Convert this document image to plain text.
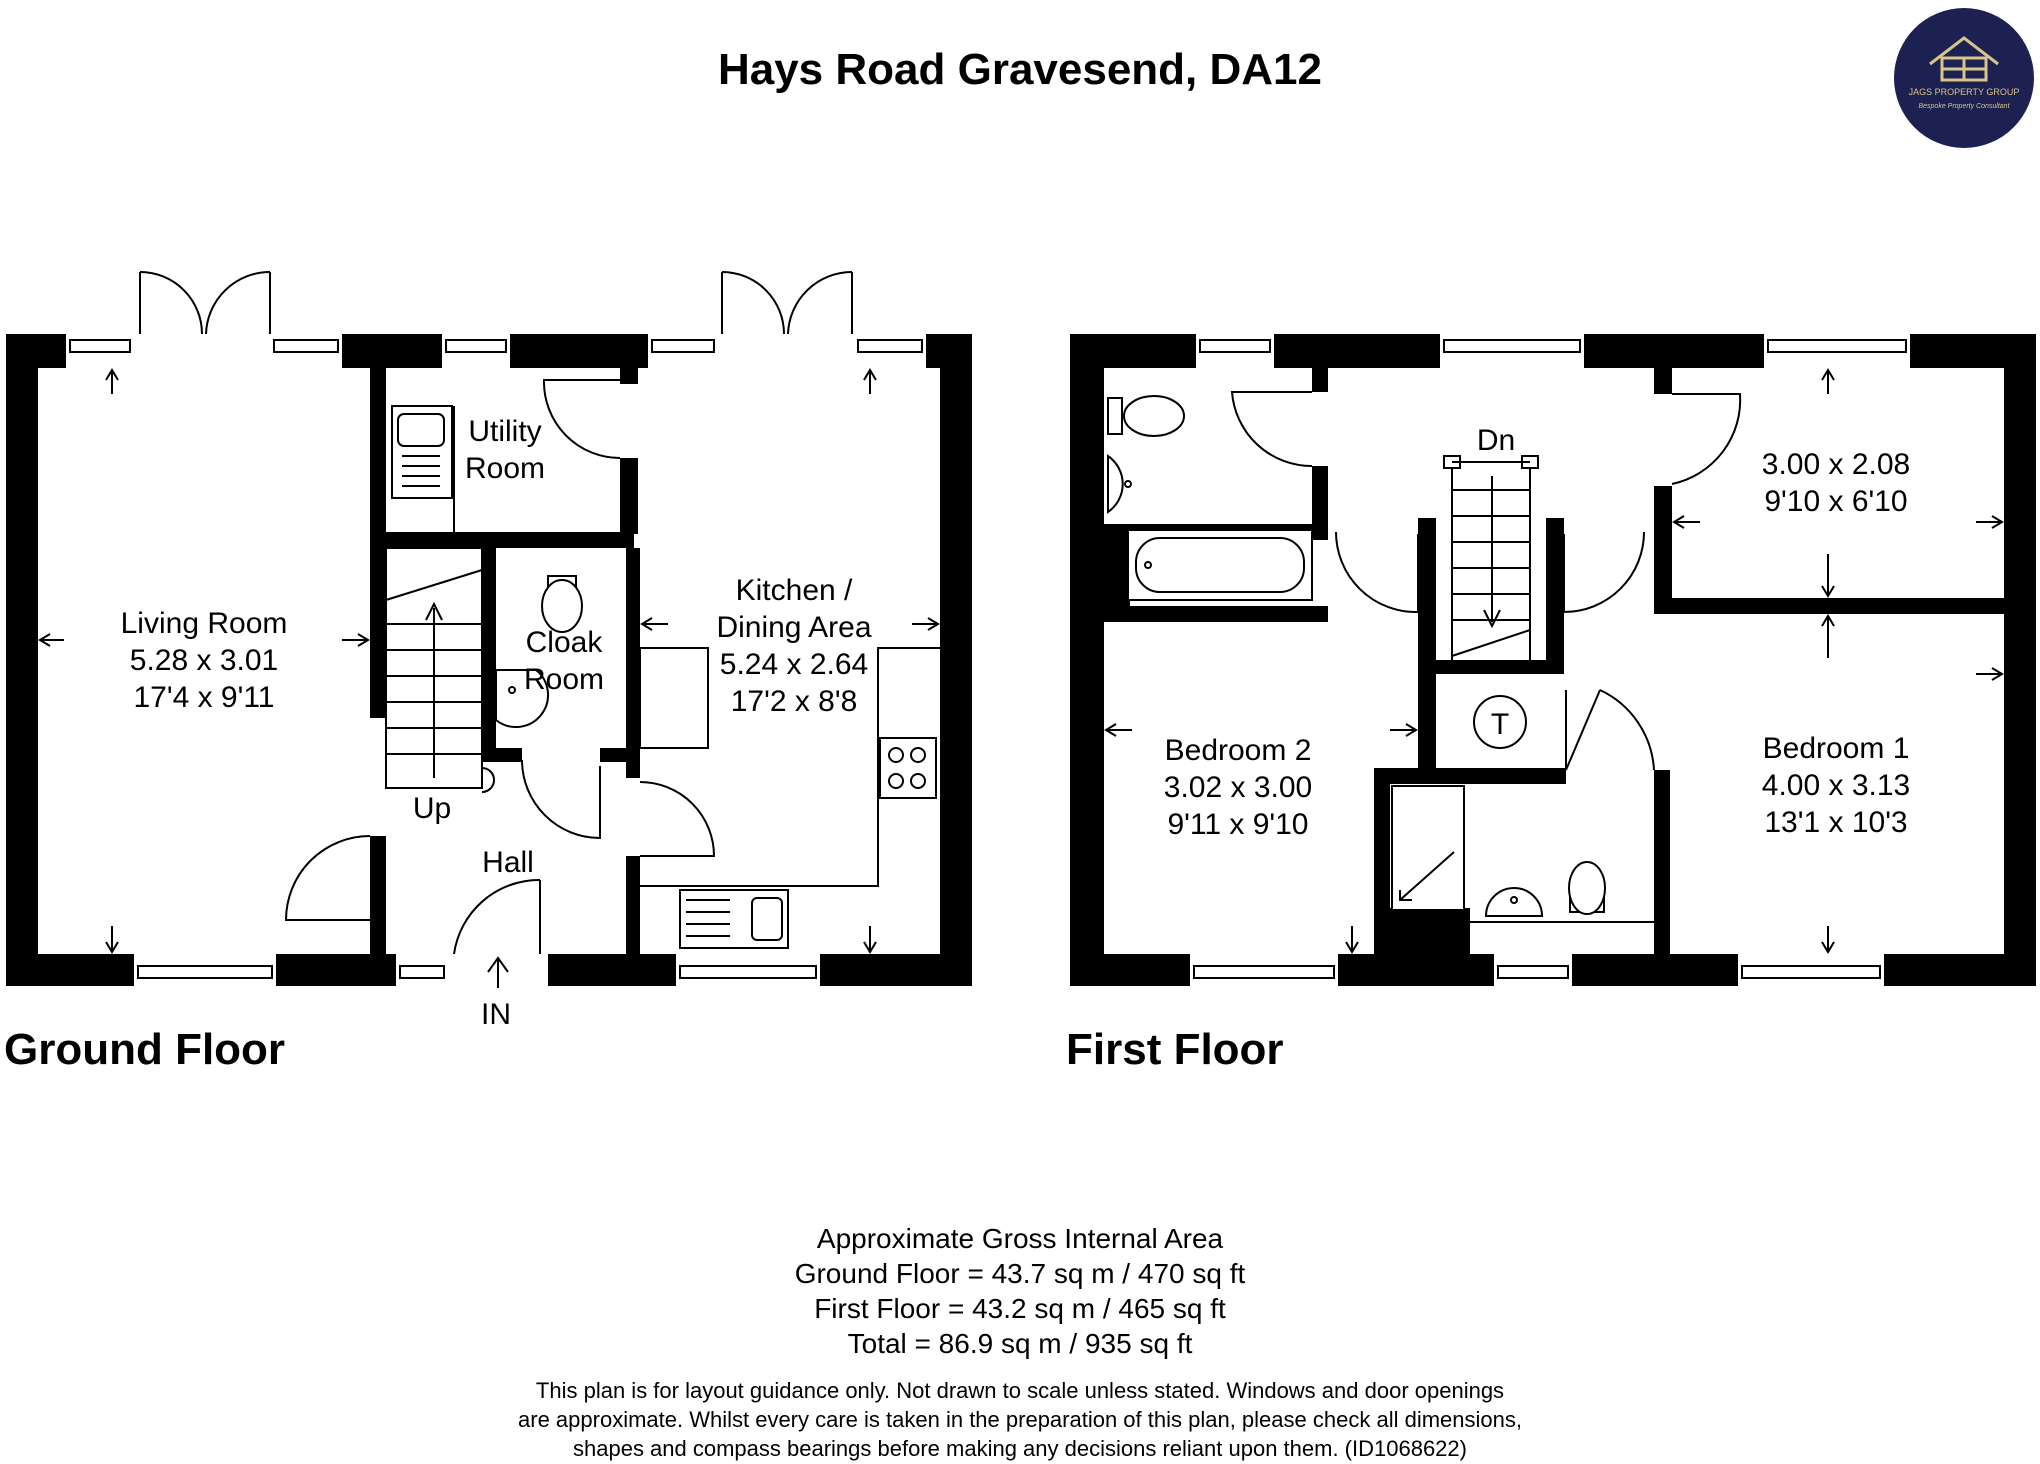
Hays Road Gravesend, DA12	JAGS PROPERTY GROUP
Bespoke Property Consultant
Up
IN
Living Room
5.28 x 3.01
17'4 x 9'11
Utility
Room
Cloak
Room
Kitchen /
Dining Area
5.24 x 2.64
17'2 x 8'8
Hall
Ground Floor
Dn
T
3.00 x 2.08
9'10 x 6'10
Bedroom 2
3.02 x 3.00
9'11 x 9'10
Bedroom 1
4.00 x 3.13
13'1 x 10'3
First Floor
Approximate Gross Internal Area
Ground Floor = 43.7 sq m / 470 sq ft
First Floor = 43.2 sq m / 465 sq ft
Total = 86.9 sq m / 935 sq ft
This plan is for layout guidance only. Not drawn to scale unless stated. Windows and door openings
are approximate. Whilst every care is taken in the preparation of this plan, please check all dimensions,
shapes and compass bearings before making any decisions reliant upon them. (ID1068622)
